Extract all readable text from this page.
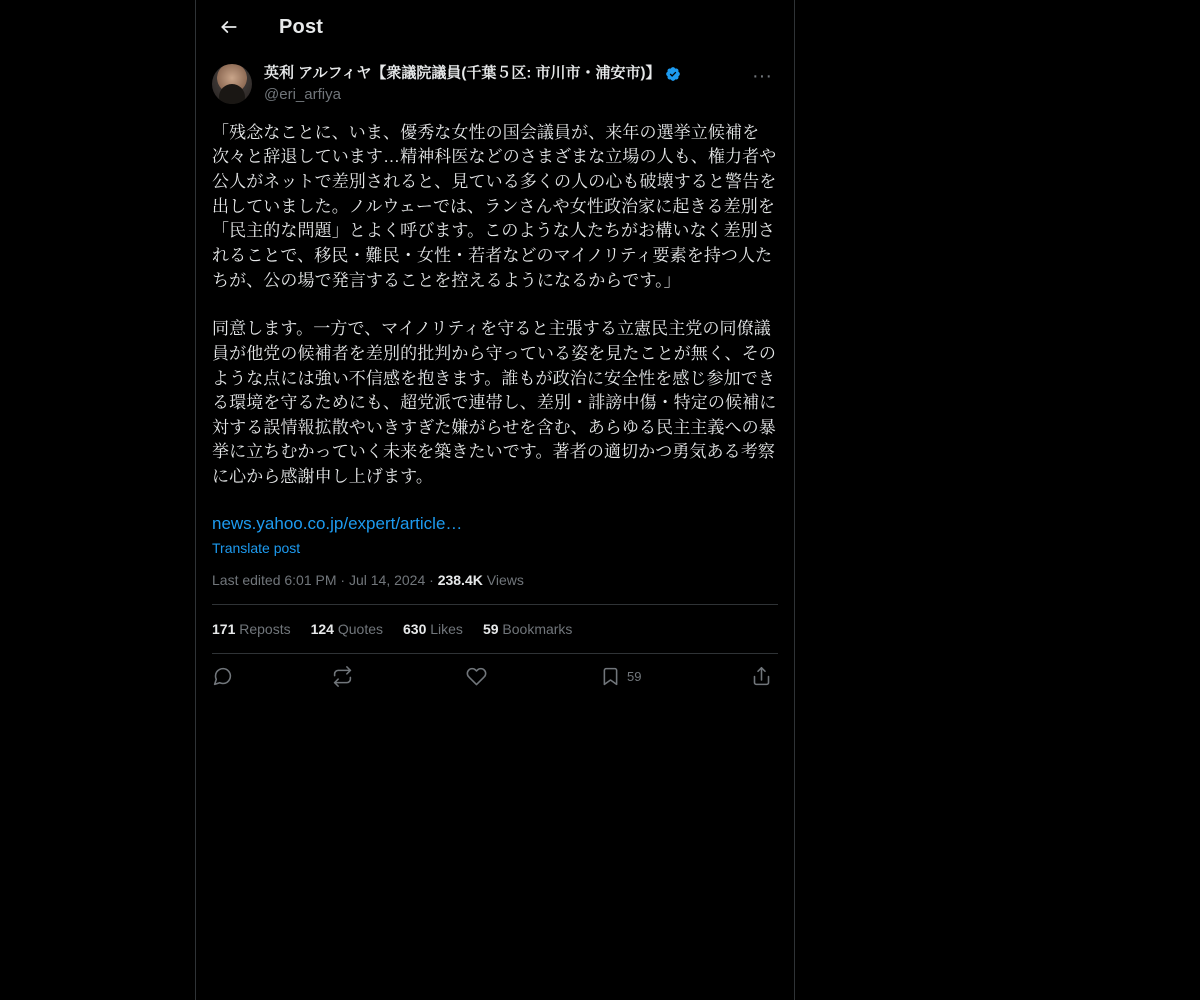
Post
英利 アルフィヤ【衆議院議員(千葉５区: 市川市・浦安市)】
@eri_arfiya
···
「残念なことに、いま、優秀な女性の国会議員が、来年の選挙立候補を次々と辞退しています…精神科医などのさまざまな立場の人も、権力者や公人がネットで差別されると、見ている多くの人の心も破壊すると警告を出していました。ノルウェーでは、ランさんや女性政治家に起きる差別を「民主的な問題」とよく呼びます。このような人たちがお構いなく差別されることで、移民・難民・女性・若者などのマイノリティ要素を持つ人たちが、公の場で発言することを控えるようになるからです。」
同意します。一方で、マイノリティを守ると主張する立憲民主党の同僚議員が他党の候補者を差別的批判から守っている姿を見たことが無く、そのような点には強い不信感を抱きます。誰もが政治に安全性を感じ参加できる環境を守るためにも、超党派で連帯し、差別・誹謗中傷・特定の候補に対する誤情報拡散やいきすぎた嫌がらせを含む、あらゆる民主主義への暴挙に立ちむかっていく未来を築きたいです。著者の適切かつ勇気ある考察に心から感謝申し上げます。
news.yahoo.co.jp/expert/article…
Translate post
Last edited 6:01 PM · Jul 14, 2024 · 238.4K Views
171 Reposts 124 Quotes 630 Likes 59 Bookmarks
59
